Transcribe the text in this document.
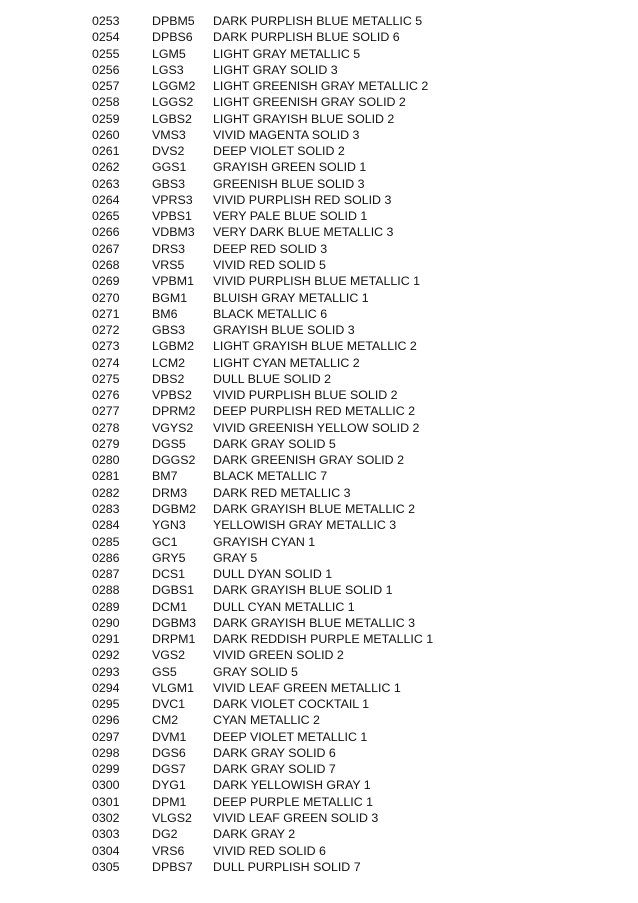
0253	DPBM5	DARK PURPLISH BLUE METALLIC 5
0254	DPBS6	DARK PURPLISH BLUE SOLID 6
0255	LGM5	LIGHT GRAY METALLIC 5
0256	LGS3	LIGHT GRAY SOLID 3
0257	LGGM2	LIGHT GREENISH GRAY METALLIC 2
0258	LGGS2	LIGHT GREENISH GRAY SOLID 2
0259	LGBS2	LIGHT GRAYISH BLUE SOLID 2
0260	VMS3	VIVID MAGENTA SOLID 3
0261	DVS2	DEEP VIOLET SOLID 2
0262	GGS1	GRAYISH GREEN SOLID 1
0263	GBS3	GREENISH BLUE SOLID 3
0264	VPRS3	VIVID PURPLISH RED SOLID 3
0265	VPBS1	VERY PALE BLUE SOLID 1
0266	VDBM3	VERY DARK BLUE METALLIC 3
0267	DRS3	DEEP RED SOLID 3
0268	VRS5	VIVID RED SOLID 5
0269	VPBM1	VIVID PURPLISH BLUE METALLIC 1
0270	BGM1	BLUISH GRAY METALLIC 1
0271	BM6	BLACK METALLIC 6
0272	GBS3	GRAYISH BLUE SOLID 3
0273	LGBM2	LIGHT GRAYISH BLUE METALLIC 2
0274	LCM2	LIGHT CYAN METALLIC 2
0275	DBS2	DULL BLUE SOLID 2
0276	VPBS2	VIVID PURPLISH BLUE SOLID 2
0277	DPRM2	DEEP PURPLISH RED METALLIC 2
0278	VGYS2	VIVID GREENISH YELLOW SOLID 2
0279	DGS5	DARK GRAY SOLID 5
0280	DGGS2	DARK GREENISH GRAY SOLID 2
0281	BM7	BLACK METALLIC 7
0282	DRM3	DARK RED METALLIC 3
0283	DGBM2	DARK GRAYISH BLUE METALLIC 2
0284	YGN3	YELLOWISH GRAY METALLIC 3
0285	GC1	GRAYISH CYAN 1
0286	GRY5	GRAY 5
0287	DCS1	DULL DYAN SOLID 1
0288	DGBS1	DARK GRAYISH BLUE SOLID 1
0289	DCM1	DULL CYAN METALLIC 1
0290	DGBM3	DARK GRAYISH BLUE METALLIC 3
0291	DRPM1	DARK REDDISH PURPLE METALLIC 1
0292	VGS2	VIVID GREEN SOLID 2
0293	GS5	GRAY SOLID 5
0294	VLGM1	VIVID LEAF GREEN METALLIC 1
0295	DVC1	DARK VIOLET COCKTAIL 1
0296	CM2	CYAN METALLIC 2
0297	DVM1	DEEP VIOLET METALLIC 1
0298	DGS6	DARK GRAY SOLID 6
0299	DGS7	DARK GRAY SOLID 7
0300	DYG1	DARK YELLOWISH GRAY 1
0301	DPM1	DEEP PURPLE METALLIC 1
0302	VLGS2	VIVID LEAF GREEN SOLID 3
0303	DG2	DARK GRAY 2
0304	VRS6	VIVID RED SOLID 6
0305	DPBS7	DULL PURPLISH SOLID 7
